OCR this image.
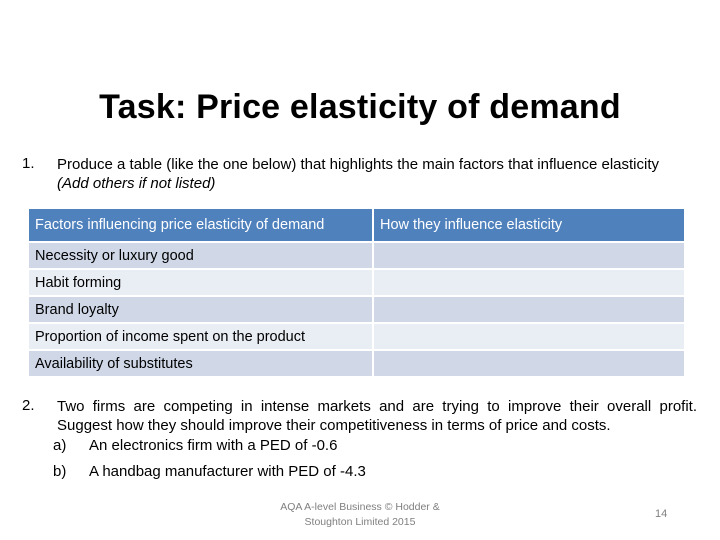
Task: Price elasticity of demand
1. Produce a table (like the one below) that highlights the main factors that influence elasticity
(Add others if not listed)
Factors influencing price elasticity of demand	How they influence elasticity
Necessity or luxury good	
Habit forming	
Brand loyalty	
Proportion of income spent on the product	
Availability of substitutes	
2. Two firms are competing in intense markets and are trying to improve their overall profit. Suggest how they should improve their competitiveness in terms of price and costs.
a) An electronics firm with a PED of -0.6
b) A handbag manufacturer with PED of -4.3
AQA A-level Business © Hodder &
Stoughton Limited 2015
14
